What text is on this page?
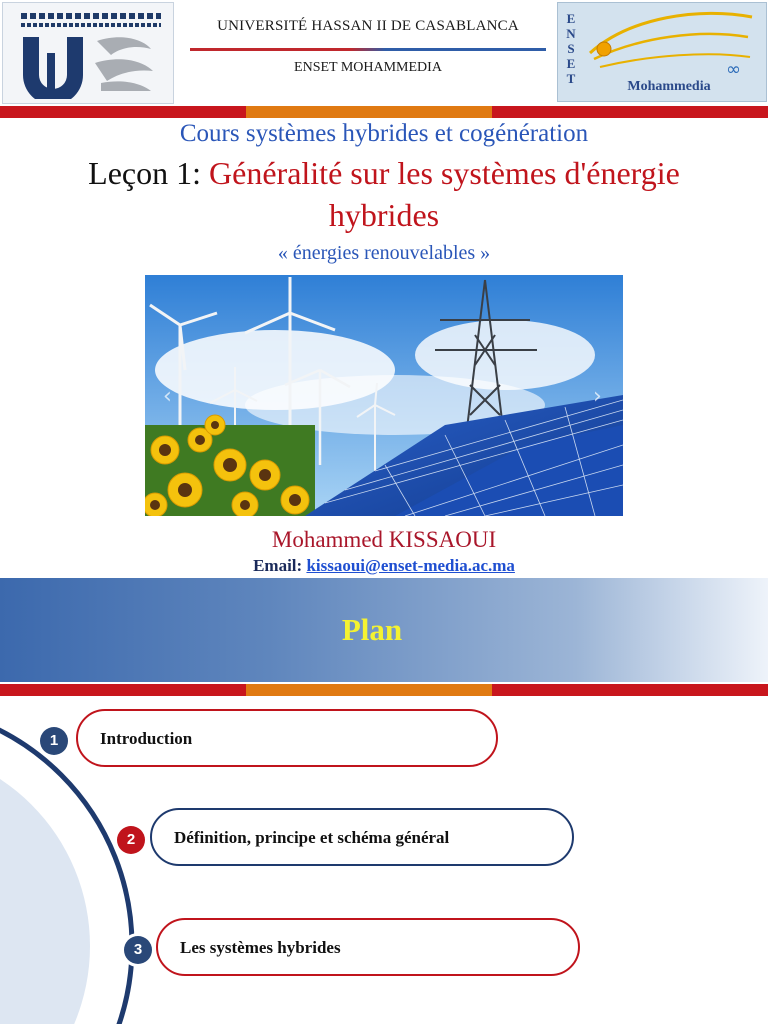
UNIVERSITÉ HASSAN II DE CASABLANCA
ENSET MOHAMMEDIA
E
N
S
E
T	∞
Mohammedia
Cours systèmes hybrides et cogénération
Leçon 1: Généralité sur les systèmes d'énergie hybrides
« énergies renouvelables »
‹	›
Mohammed KISSAOUI
Email: kissaoui@enset-media.ac.ma
Plan
1	Introduction
2	Définition, principe et schéma général
3	Les systèmes hybrides
